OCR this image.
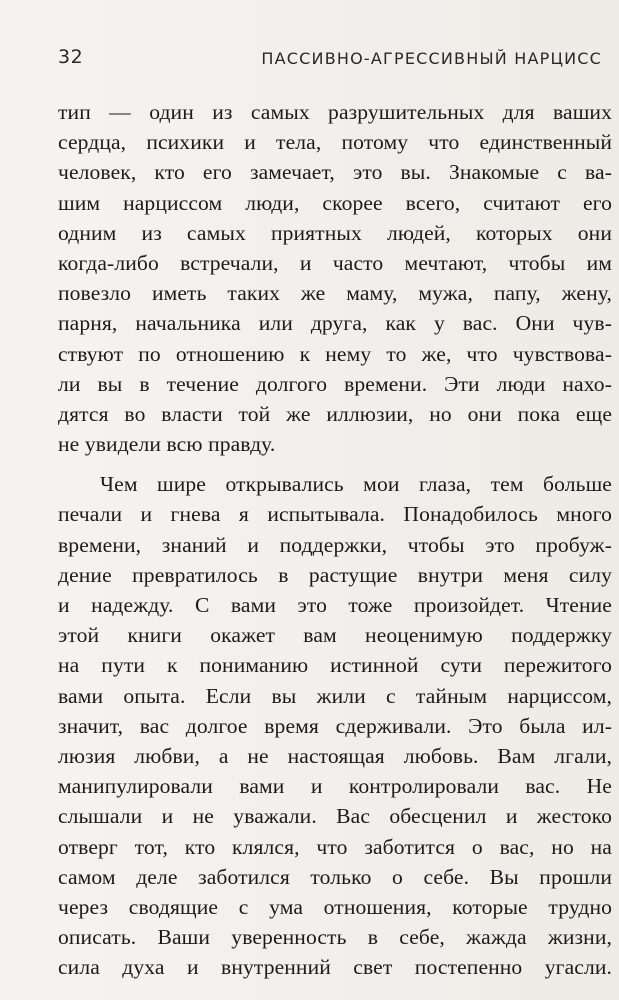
32	ПАССИВНО-АГРЕССИВНЫЙ НАРЦИСС
тип — один из самых разрушительных для ваших
сердца, психики и тела, потому что единственный
человек, кто его замечает, это вы. Знакомые с ва-
шим нарциссом люди, скорее всего, считают его
одним из самых приятных людей, которых они
когда-либо встречали, и часто мечтают, чтобы им
повезло иметь таких же маму, мужа, папу, жену,
парня, начальника или друга, как у вас. Они чув-
ствуют по отношению к нему то же, что чувствова-
ли вы в течение долгого времени. Эти люди нахо-
дятся во власти той же иллюзии, но они пока еще
не увидели всю правду.
Чем шире открывались мои глаза, тем больше
печали и гнева я испытывала. Понадобилось много
времени, знаний и поддержки, чтобы это пробуж-
дение превратилось в растущие внутри меня силу
и надежду. С вами это тоже произойдет. Чтение
этой книги окажет вам неоценимую поддержку
на пути к пониманию истинной сути пережитого
вами опыта. Если вы жили с тайным нарциссом,
значит, вас долгое время сдерживали. Это была ил-
люзия любви, а не настоящая любовь. Вам лгали,
манипулировали вами и контролировали вас. Не
слышали и не уважали. Вас обесценил и жестоко
отверг тот, кто клялся, что заботится о вас, но на
самом деле заботился только о себе. Вы прошли
через сводящие с ума отношения, которые трудно
описать. Ваши уверенность в себе, жажда жизни,
сила духа и внутренний свет постепенно угасли.
